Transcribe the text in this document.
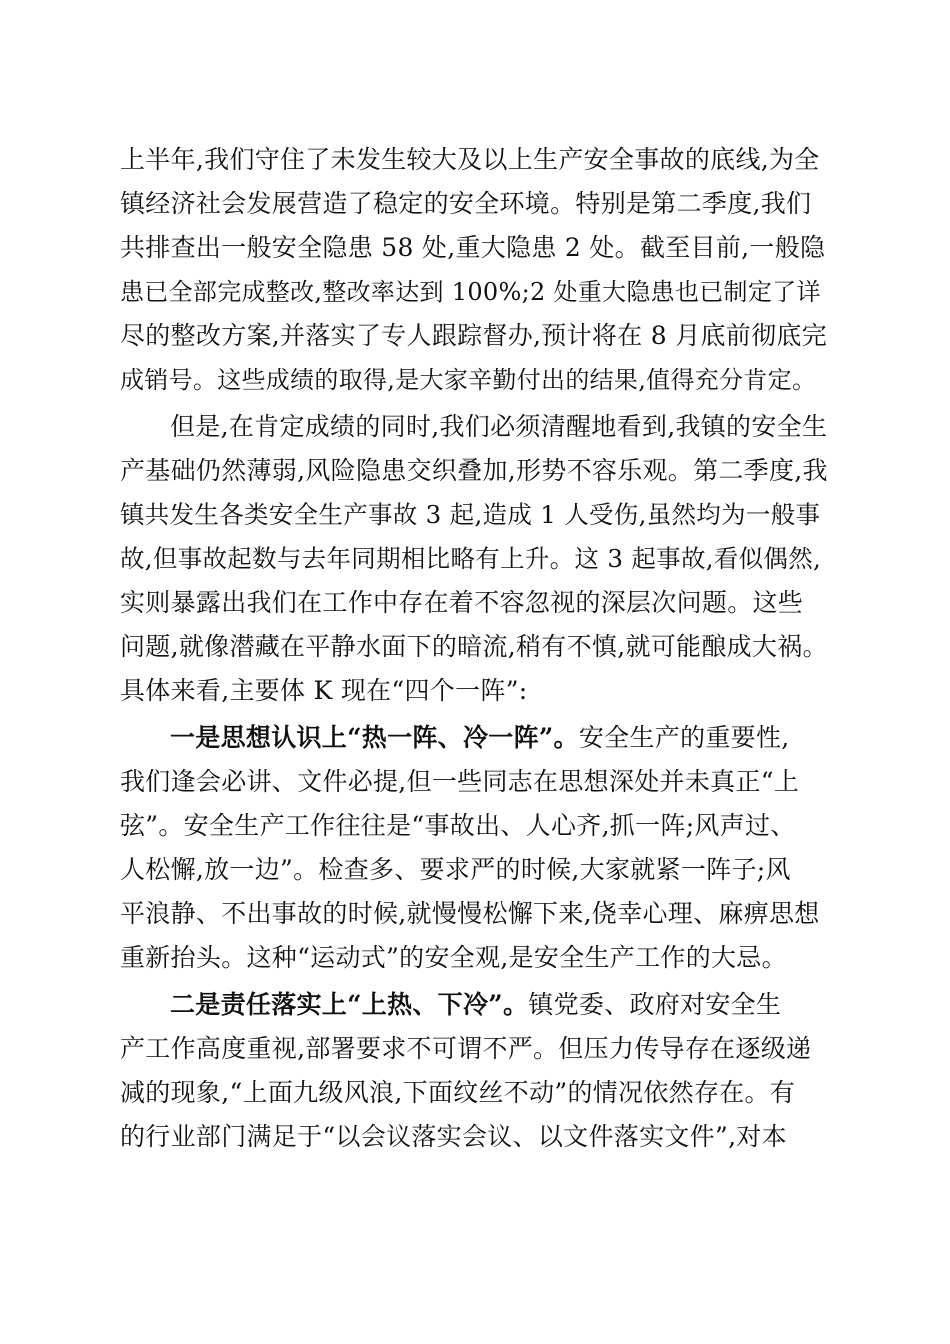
上半年,我们守住了未发生较大及以上生产安全事故的底线,为全
镇经济社会发展营造了稳定的安全环境。特别是第二季度,我们
共排查出一般安全隐患 58 处,重大隐患 2 处。截至目前,一般隐
患已全部完成整改,整改率达到 100%;2 处重大隐患也已制定了详
尽的整改方案,并落实了专人跟踪督办,预计将在 8 月底前彻底完
成销号。这些成绩的取得,是大家辛勤付出的结果,值得充分肯定。
但是,在肯定成绩的同时,我们必须清醒地看到,我镇的安全生
产基础仍然薄弱,风险隐患交织叠加,形势不容乐观。第二季度,我
镇共发生各类安全生产事故 3 起,造成 1 人受伤,虽然均为一般事
故,但事故起数与去年同期相比略有上升。这 3 起事故,看似偶然,
实则暴露出我们在工作中存在着不容忽视的深层次问题。这些
问题,就像潜藏在平静水面下的暗流,稍有不慎,就可能酿成大祸。
具体来看,主要体 K 现在“四个一阵”:
一是思想认识上“热一阵、冷一阵”。安全生产的重要性,
我们逢会必讲、文件必提,但一些同志在思想深处并未真正“上
弦”。安全生产工作往往是“事故出、人心齐,抓一阵;风声过、
人松懈,放一边”。检查多、要求严的时候,大家就紧一阵子;风
平浪静、不出事故的时候,就慢慢松懈下来,侥幸心理、麻痹思想
重新抬头。这种“运动式”的安全观,是安全生产工作的大忌。
二是责任落实上“上热、下冷”。镇党委、政府对安全生
产工作高度重视,部署要求不可谓不严。但压力传导存在逐级递
减的现象,“上面九级风浪,下面纹丝不动”的情况依然存在。有
的行业部门满足于“以会议落实会议、以文件落实文件”,对本
